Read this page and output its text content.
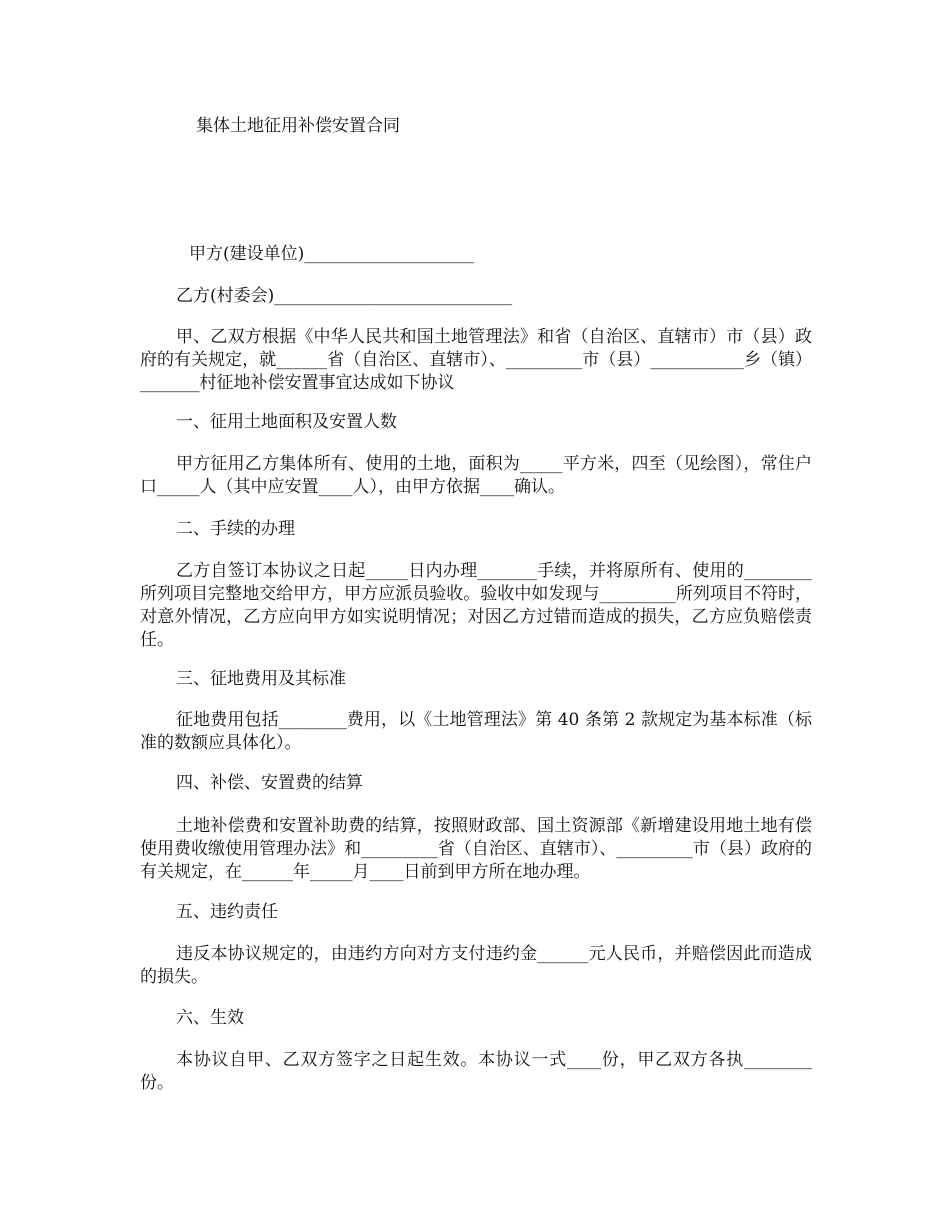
集体土地征用补偿安置合同
甲方(建设单位)____________________
乙方(村委会)____________________________
甲、乙双方根据《中华人民共和国土地管理法》和省（自治区、直辖市）市（县）政府的有关规定，就______省（自治区、直辖市）、_________市（县）___________乡（镇）_______村征地补偿安置事宜达成如下协议
一、征用土地面积及安置人数
甲方征用乙方集体所有、使用的土地，面积为_____平方米，四至（见绘图），常住户口_____人（其中应安置____人），由甲方依据____确认。
二、手续的办理
乙方自签订本协议之日起_____日内办理_______手续，并将原所有、使用的________所列项目完整地交给甲方，甲方应派员验收。验收中如发现与_________所列项目不符时，对意外情况，乙方应向甲方如实说明情况；对因乙方过错而造成的损失，乙方应负赔偿责任。
三、征地费用及其标准
征地费用包括________费用，以《土地管理法》第 40 条第 2 款规定为基本标准（标准的数额应具体化）。
四、补偿、安置费的结算
土地补偿费和安置补助费的结算，按照财政部、国土资源部《新增建设用地土地有偿使用费收缴使用管理办法》和_________省（自治区、直辖市）、_________市（县）政府的有关规定，在______年_____月____日前到甲方所在地办理。
五、违约责任
违反本协议规定的，由违约方向对方支付违约金______元人民币，并赔偿因此而造成的损失。
六、生效
本协议自甲、乙双方签字之日起生效。本协议一式____份，甲乙双方各执________份。
